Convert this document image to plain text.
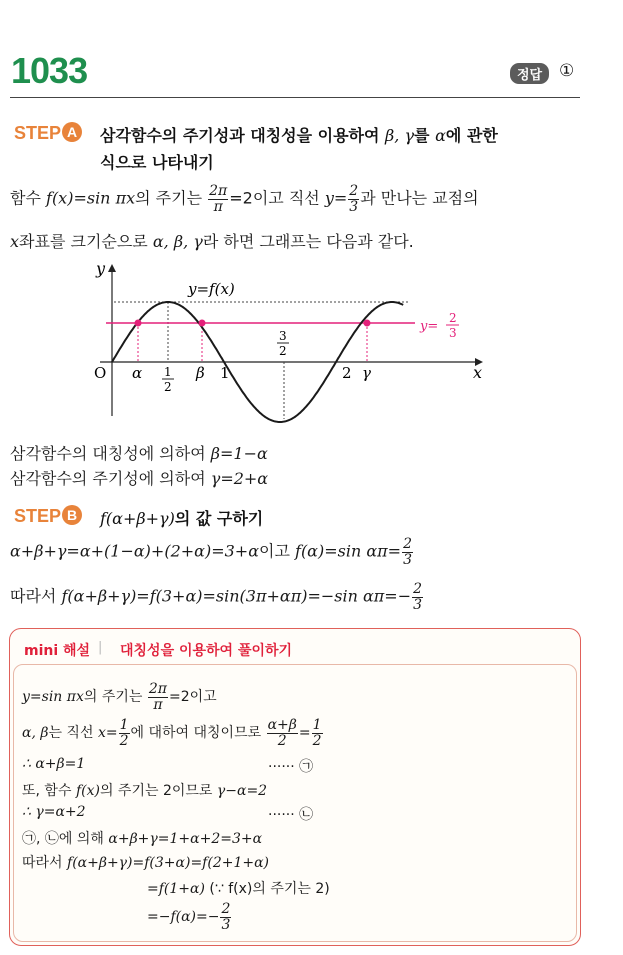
1033	정답 ①
STEP A	삼각함수의 주기성과 대칭성을 이용하여 β, γ를 α에 관한
식으로 나타내기
함수 f(x)=sin πx의 주기는 $\frac{2\pi}{\pi} =2$이고 직선 $y= \frac{2}{3}$ 과 만나는 교점의
x좌표를 크기순으로 α, β, γ라 하면 그래프는 다음과 같다.
y
x
O
y=f(x)
y=
2
3
α 1
2
β 1
3
2
2 γ
삼각함수의 대칭성에 의하여 β=1−α
삼각함수의 주기성에 의하여 γ=2+α
STEP B	f(α+β+γ)의 값 구하기
α+β+γ=α+(1−α)+(2+α)=3+α이고 f(α)=sin $\alpha\pi= \frac{2}{3}$
따라서 f(α+β+γ)=f(3+α)=sin(3π+απ)=−sin $\alpha\pi=- \frac{2}{3}$
mini 해설 | 대칭성을 이용하여 풀이하기
y=sin πx의 주기는 $\frac{2\pi}{\pi} =2$이고
α, β는 직선 $x= \frac{1}{2}$ 에 대하여 대칭이므로 $\frac{\alpha+\beta}{2} = \frac{1}{2}$
∴ α+β=1	······ ㉠
또, 함수 f(x)의 주기는 2이므로 γ−α=2
∴ γ=α+2	······ ㉡
㉠, ㉡에 의해 α+β+γ=1+α+2=3+α
따라서 f(α+β+γ)=f(3+α)=f(2+1+α)
=f(1+α) (∵ f(x)의 주기는 2)
$=-f(\alpha)=- \frac{2}{3}$
